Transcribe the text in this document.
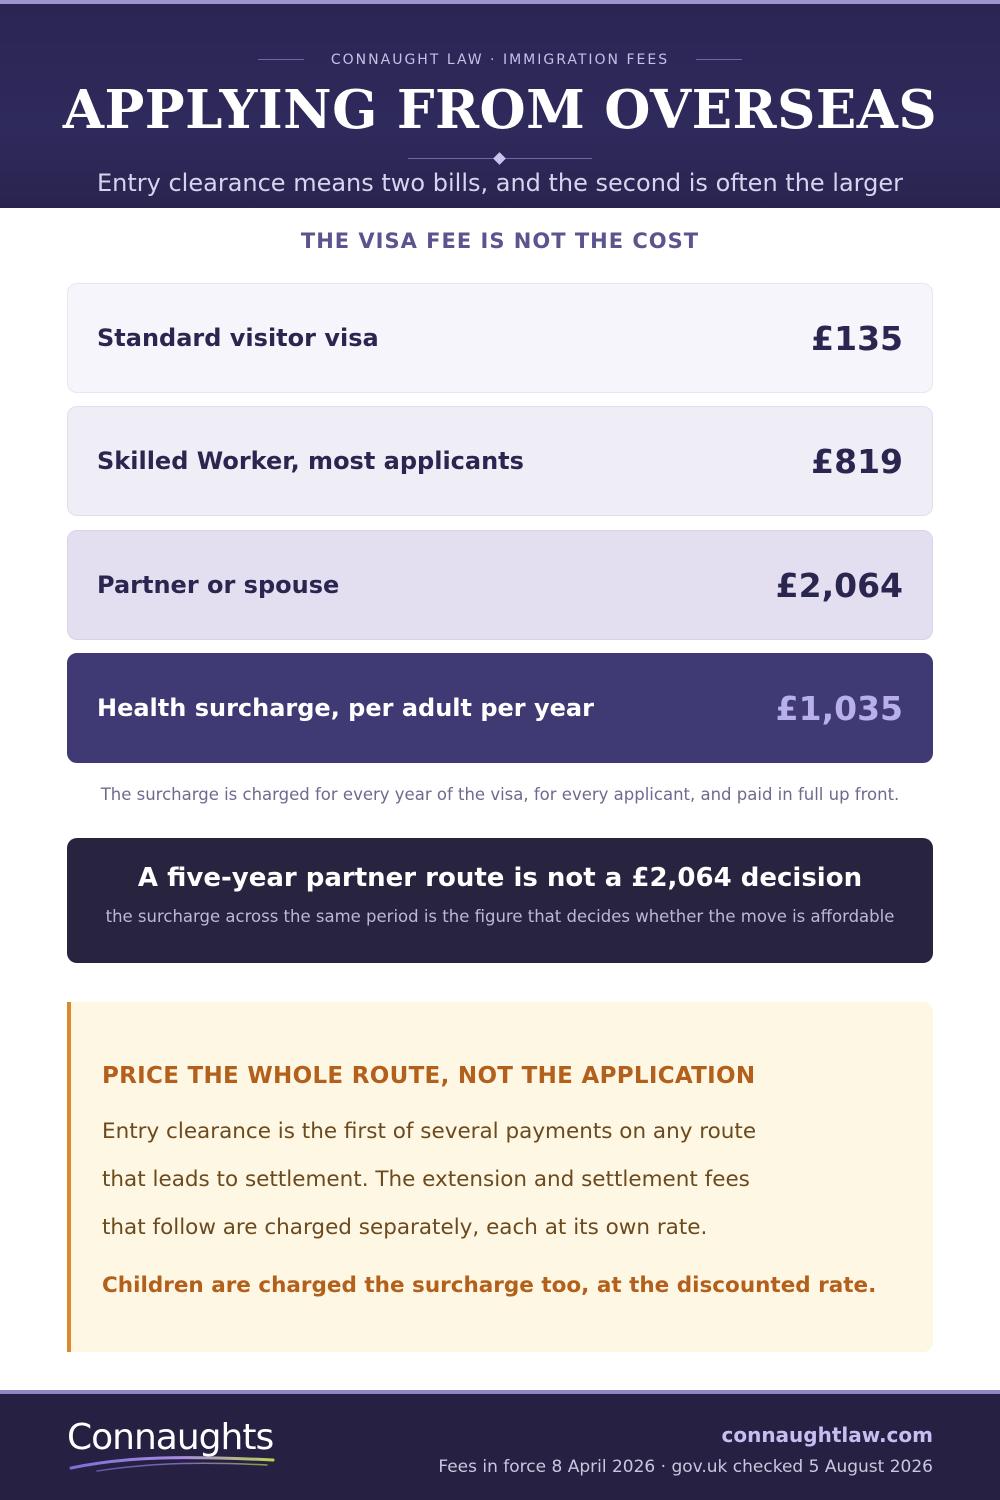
CONNAUGHT LAW · IMMIGRATION FEES
APPLYING FROM OVERSEAS
Entry clearance means two bills, and the second is often the larger
THE VISA FEE IS NOT THE COST
Standard visitor visa	£135
Skilled Worker, most applicants	£819
Partner or spouse	£2,064
Health surcharge, per adult per year	£1,035
The surcharge is charged for every year of the visa, for every applicant, and paid in full up front.
A five-year partner route is not a £2,064 decision
the surcharge across the same period is the figure that decides whether the move is affordable
PRICE THE WHOLE ROUTE, NOT THE APPLICATION
Entry clearance is the first of several payments on any route
that leads to settlement. The extension and settlement fees
that follow are charged separately, each at its own rate.
Children are charged the surcharge too, at the discounted rate.
Connaughts	connaughtlaw.com
Fees in force 8 April 2026 · gov.uk checked 5 August 2026
